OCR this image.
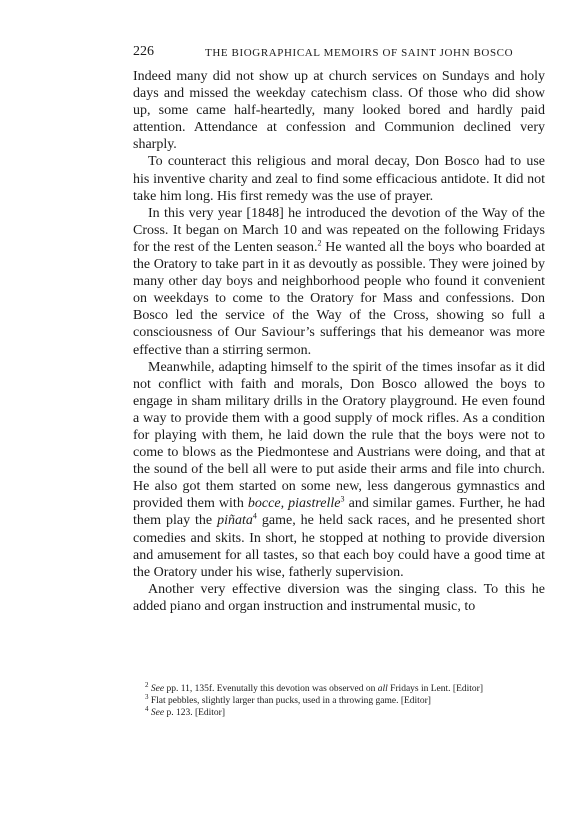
226	THE BIOGRAPHICAL MEMOIRS OF SAINT JOHN BOSCO

Indeed many did not show up at church services on Sundays and holy days and missed the weekday catechism class. Of those who did show up, some came half-heartedly, many looked bored and hardly paid attention. Attendance at confession and Communion declined very sharply.

To counteract this religious and moral decay, Don Bosco had to use his inventive charity and zeal to find some efficacious antidote. It did not take him long. His first remedy was the use of prayer.

In this very year [1848] he introduced the devotion of the Way of the Cross. It began on March 10 and was repeated on the following Fridays for the rest of the Lenten season.$^2$ He wanted all the boys who boarded at the Oratory to take part in it as devoutly as possible. They were joined by many other day boys and neighborhood people who found it convenient on weekdays to come to the Oratory for Mass and confessions. Don Bosco led the service of the Way of the Cross, showing so full a consciousness of Our Saviour’s sufferings that his demeanor was more effective than a stirring sermon.

Meanwhile, adapting himself to the spirit of the times insofar as it did not conflict with faith and morals, Don Bosco allowed the boys to engage in sham military drills in the Oratory playground. He even found a way to provide them with a good supply of mock rifles. As a condition for playing with them, he laid down the rule that the boys were not to come to blows as the Piedmontese and Austrians were doing, and that at the sound of the bell all were to put aside their arms and file into church. He also got them started on some new, less dangerous gymnastics and provided them with bocce, piastrelle$^3$ and similar games. Further, he had them play the piñata$^4$ game, he held sack races, and he presented short comedies and skits. In short, he stopped at nothing to provide diversion and amusement for all tastes, so that each boy could have a good time at the Oratory under his wise, fatherly supervision.

Another very effective diversion was the singing class. To this he added piano and organ instruction and instrumental music, to

$^2$ See pp. 11, 135f. Evenutally this devotion was observed on all Fridays in Lent. [Editor]

$^3$ Flat pebbles, slightly larger than pucks, used in a throwing game. [Editor]

$^4$ See p. 123. [Editor]
